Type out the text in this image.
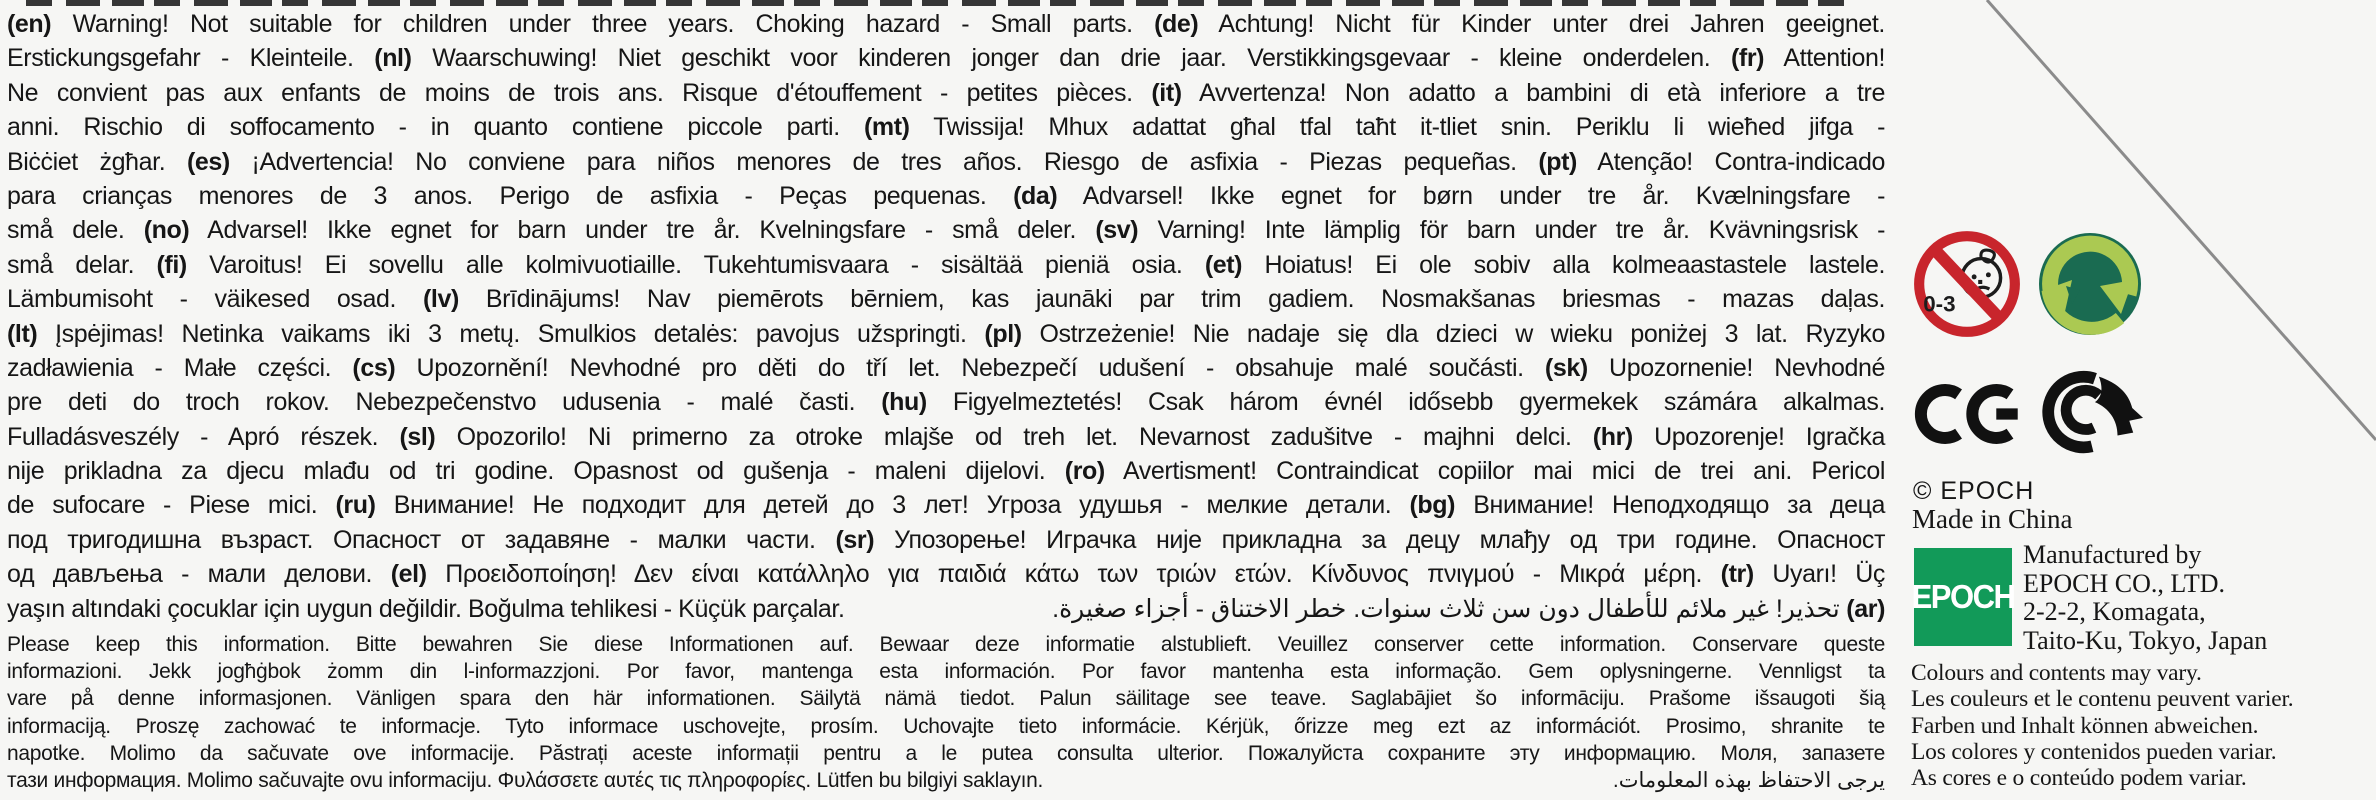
(en) Warning! Not suitable for children under three years. Choking hazard - Small parts. (de) Achtung! Nicht für Kinder unter drei Jahren geeignet.
Erstickungsgefahr - Kleinteile. (nl) Waarschuwing! Niet geschikt voor kinderen jonger dan drie jaar. Verstikkingsgevaar - kleine onderdelen. (fr) Attention!
Ne convient pas aux enfants de moins de trois ans. Risque d'étouffement - petites pièces. (it) Avvertenza! Non adatto a bambini di età inferiore a tre
anni. Rischio di soffocamento - in quanto contiene piccole parti. (mt) Twissija! Mhux adattat għal tfal taħt it-tliet snin. Periklu li wieħed jifga -
Biċċiet żgħar. (es) ¡Advertencia! No conviene para niños menores de tres años. Riesgo de asfixia - Piezas pequeñas. (pt) Atenção! Contra-indicado
para crianças menores de 3 anos. Perigo de asfixia - Peças pequenas. (da) Advarsel! Ikke egnet for børn under tre år. Kvælningsfare -
små dele. (no) Advarsel! Ikke egnet for barn under tre år. Kvelningsfare - små deler. (sv) Varning! Inte lämplig för barn under tre år. Kvävningsrisk -
små delar. (fi) Varoitus! Ei sovellu alle kolmivuotiaille. Tukehtumisvaara - sisältää pieniä osia. (et) Hoiatus! Ei ole sobiv alla kolmeaastastele lastele.
Lämbumisoht - väikesed osad. (lv) Brīdinājums! Nav piemērots bērniem, kas jaunāki par trim gadiem. Nosmakšanas briesmas - mazas daļas.
(lt) Įspėjimas! Netinka vaikams iki 3 metų. Smulkios detalės: pavojus užspringti. (pl) Ostrzeżenie! Nie nadaje się dla dzieci w wieku poniżej 3 lat. Ryzyko
zadławienia - Małe części. (cs) Upozornění! Nevhodné pro děti do tří let. Nebezpečí udušení - obsahuje malé součásti. (sk) Upozornenie! Nevhodné
pre deti do troch rokov. Nebezpečenstvo udusenia - malé časti. (hu) Figyelmeztetés! Csak három évnél idősebb gyermekek számára alkalmas.
Fulladásveszély - Apró részek. (sl) Opozorilo! Ni primerno za otroke mlajše od treh let. Nevarnost zadušitve - majhni delci. (hr) Upozorenje! Igračka
nije prikladna za djecu mlađu od tri godine. Opasnost od gušenja - maleni dijelovi. (ro) Avertisment! Contraindicat copiilor mai mici de trei ani. Pericol
de sufocare - Piese mici. (ru) Внимание! Не подходит для детей до 3 лет! Угроза удушья - мелкие детали. (bg) Внимание! Неподходящо за деца
под тригодишна възраст. Опасност от задавяне - малки части. (sr) Упозорење! Играчка није прикладна за децу млађу од три године. Опасност
од дављења - мали делови. (el) Προειδοποίηση! Δεν είναι κατάλληλο για παιδιά κάτω των τριών ετών. Κίνδυνος πνιγμού - Μικρά μέρη. (tr) Uyarı! Üç
yaşın altındaki çocuklar için uygun değildir. Boğulma tehlikesi - Küçük parçalar.	(ar) تحذير! غير ملائم للأطفال دون سن ثلاث سنوات. خطر الاختناق - أجزاء صغيرة.
Please keep this information. Bitte bewahren Sie diese Informationen auf. Bewaar deze informatie alstublieft. Veuillez conserver cette information. Conservare queste
informazioni. Jekk jogħġbok żomm din l-informazzjoni. Por favor, mantenga esta información. Por favor mantenha esta informação. Gem oplysningerne. Vennligst ta
vare på denne informasjonen. Vänligen spara den här informationen. Säilytä nämä tiedot. Palun säilitage see teave. Saglabājiet šo informāciju. Prašome išsaugoti šią
informaciją. Proszę zachować te informacje. Tyto informace uschovejte, prosím. Uchovajte tieto informácie. Kérjük, őrizze meg ezt az információt. Prosimo, shranite te
napotke. Molimo da sačuvate ove informacije. Păstrați aceste informații pentru a le putea consulta ulterior. Пожалуйста сохраните эту информацию. Моля, запазете
тази информация. Molimo sačuvajte ovu informaciju. Φυλάσσετε αυτές τις πληροφορίες. Lütfen bu bilgiyi saklayın.	يرجى الاحتفاظ بهذه المعلومات.
0-3
© EPOCH
Made in China
EPOCH
Manufactured by
EPOCH CO., LTD.
2-2-2, Komagata,
Taito-Ku, Tokyo, Japan
Colours and contents may vary.
Les couleurs et le contenu peuvent varier.
Farben und Inhalt können abweichen.
Los colores y contenidos pueden variar.
As cores e o conteúdo podem variar.
